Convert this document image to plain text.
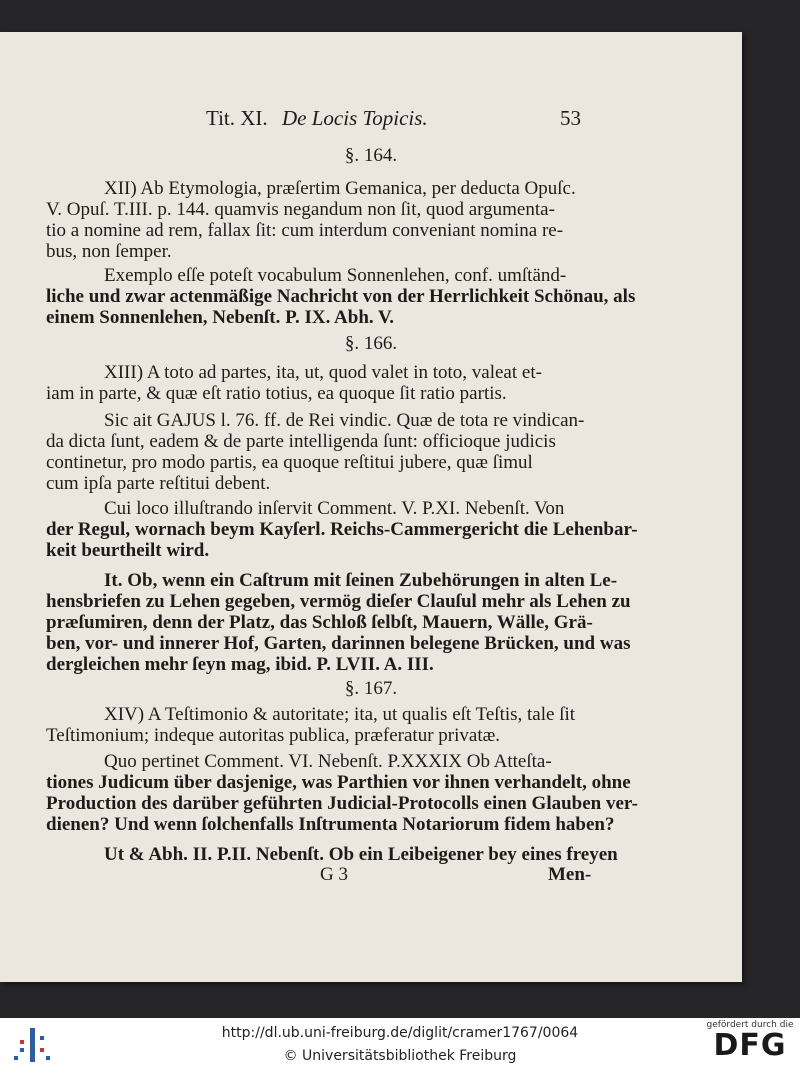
Tit. XI. De Locis Topicis.	53
§. 164.
XII) Ab Etymologia, præſertim Gemanica, per deducta Opuſc.
V. Opuſ. T.III. p. 144. quamvis negandum non ſit, quod argumenta-
tio a nomine ad rem, fallax ſit: cum interdum conveniant nomina re-
bus, non ſemper.
Exemplo eſſe poteſt vocabulum Sonnenlehen, conf. umſtänd-
liche und zwar actenmäßige Nachricht von der Herrlichkeit Schönau, als
einem Sonnenlehen, Nebenſt. P. IX. Abh. V.
§. 166.
XIII) A toto ad partes, ita, ut, quod valet in toto, valeat et-
iam in parte, & quæ eſt ratio totius, ea quoque ſit ratio partis.
Sic ait GAJUS l. 76. ff. de Rei vindic. Quæ de tota re vindican-
da dicta ſunt, eadem & de parte intelligenda ſunt: officioque judicis
continetur, pro modo partis, ea quoque reſtitui jubere, quæ ſimul
cum ipſa parte reſtitui debent.
Cui loco illuſtrando inſervit Comment. V. P.XI. Nebenſt. Von
der Regul, wornach beym Kayſerl. Reichs-Cammergericht die Lehenbar-
keit beurtheilt wird.
It. Ob, wenn ein Caſtrum mit ſeinen Zubehörungen in alten Le-
hensbriefen zu Lehen gegeben, vermög dieſer Clauſul mehr als Lehen zu
præſumiren, denn der Platz, das Schloß ſelbſt, Mauern, Wälle, Grä-
ben, vor- und innerer Hof, Garten, darinnen belegene Brücken, und was
dergleichen mehr ſeyn mag, ibid. P. LVII. A. III.
§. 167.
XIV) A Teſtimonio & autoritate; ita, ut qualis eſt Teſtis, tale ſit
Teſtimonium; indeque autoritas publica, præferatur privatæ.
Quo pertinet Comment. VI. Nebenſt. P.XXXIX Ob Atteſta-
tiones Judicum über dasjenige, was Parthien vor ihnen verhandelt, ohne
Production des darüber geführten Judicial-Protocolls einen Glauben ver-
dienen? Und wenn ſolchenfalls Inſtrumenta Notariorum fidem haben?
Ut & Abh. II. P.II. Nebenſt. Ob ein Leibeigener bey eines freyen
G 3	Men-
http://dl.ub.uni-freiburg.de/diglit/cramer1767/0064
© Universitätsbibliothek Freiburg
gefördert durch die
DFG
